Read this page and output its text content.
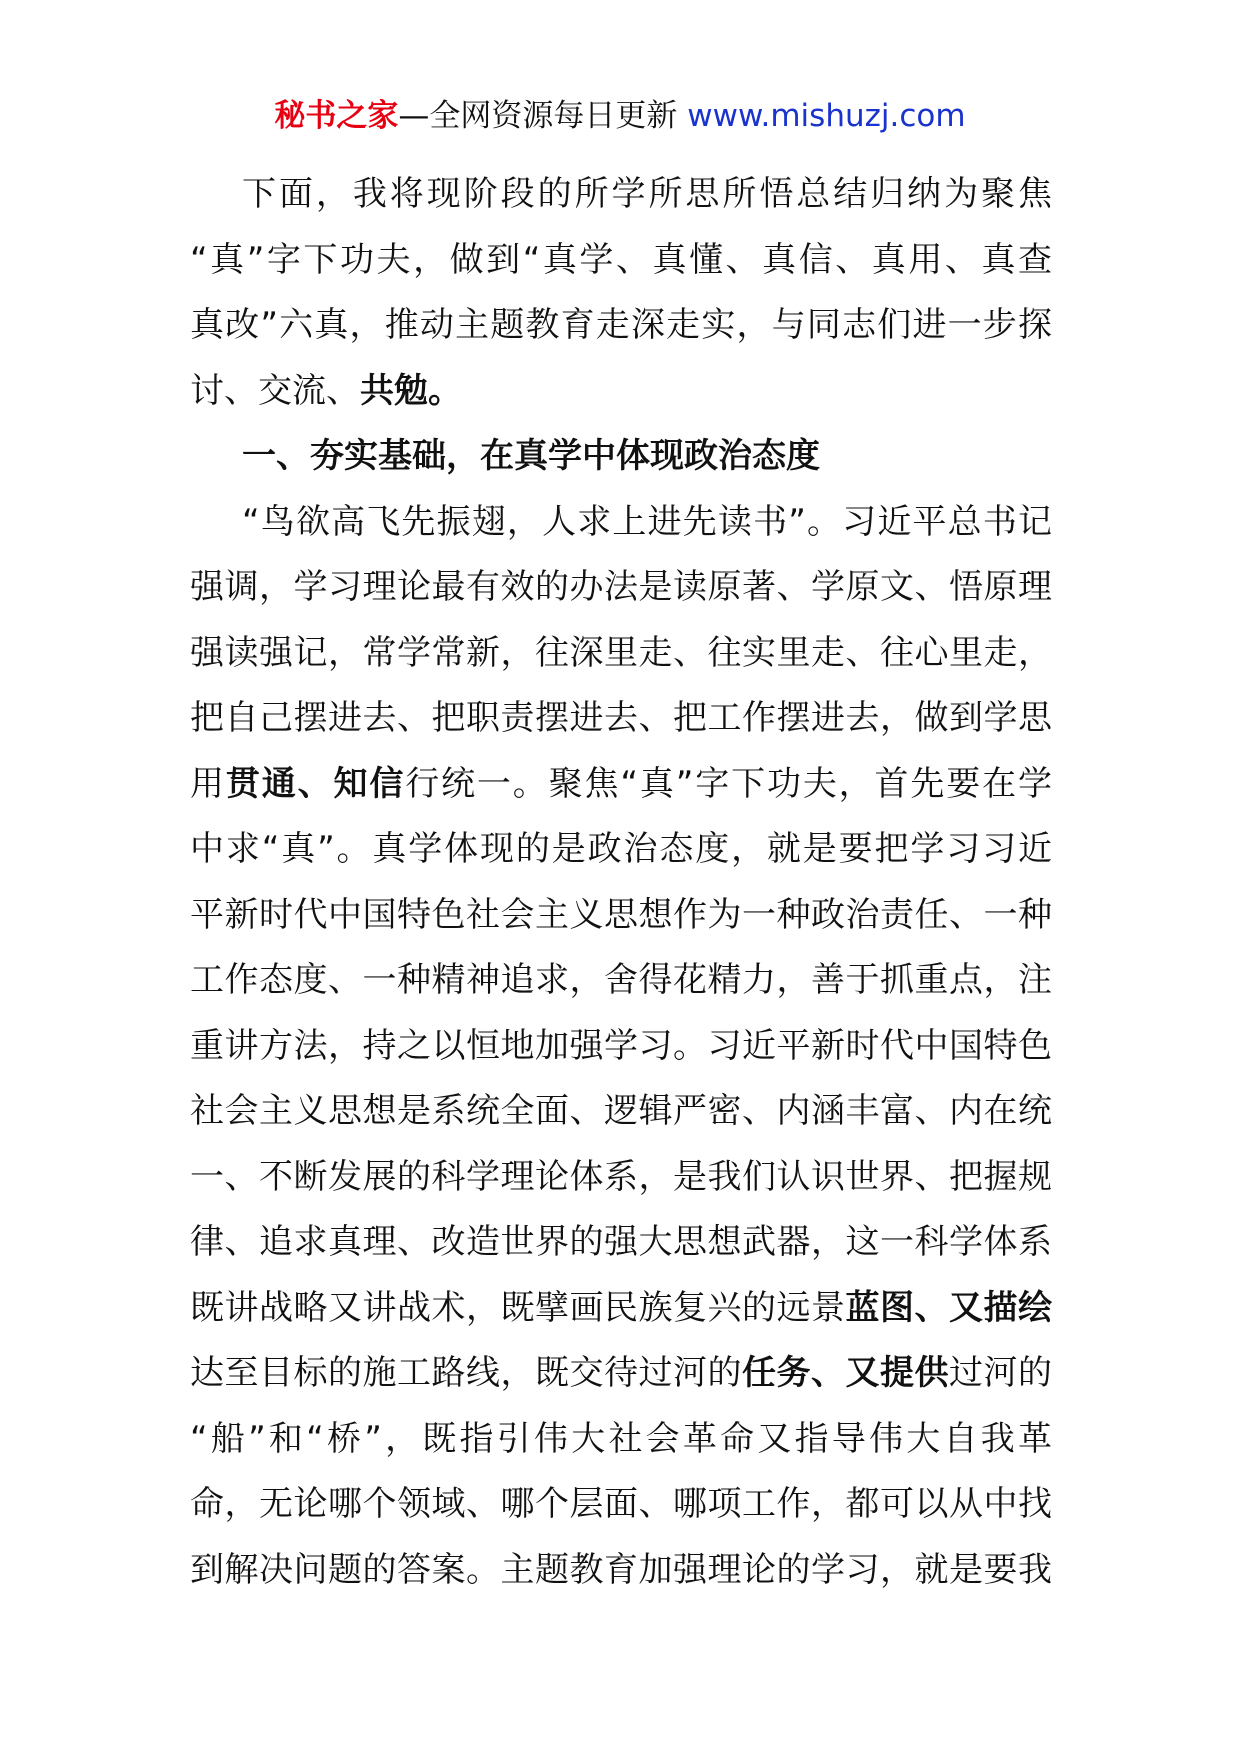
秘书之家—全网资源每日更新 www.mishuzj.com
下面，我将现阶段的所学所思所悟总结归纳为聚焦
“真”字下功夫，做到“真学、真懂、真信、真用、真查
真改”六真，推动主题教育走深走实，与同志们进一步探
讨、交流、共勉。
一、夯实基础，在真学中体现政治态度
“鸟欲高飞先振翅，人求上进先读书”。习近平总书记
强调，学习理论最有效的办法是读原著、学原文、悟原理
强读强记，常学常新，往深里走、往实里走、往心里走，
把自己摆进去、把职责摆进去、把工作摆进去，做到学思
用贯通、知信行统一。聚焦“真”字下功夫，首先要在学
中求“真”。真学体现的是政治态度，就是要把学习习近
平新时代中国特色社会主义思想作为一种政治责任、一种
工作态度、一种精神追求，舍得花精力，善于抓重点，注
重讲方法，持之以恒地加强学习。习近平新时代中国特色
社会主义思想是系统全面、逻辑严密、内涵丰富、内在统
一、不断发展的科学理论体系，是我们认识世界、把握规
律、追求真理、改造世界的强大思想武器，这一科学体系
既讲战略又讲战术，既擘画民族复兴的远景蓝图、又描绘
达至目标的施工路线，既交待过河的任务、又提供过河的
“船”和“桥”，既指引伟大社会革命又指导伟大自我革
命，无论哪个领域、哪个层面、哪项工作，都可以从中找
到解决问题的答案。主题教育加强理论的学习，就是要我
